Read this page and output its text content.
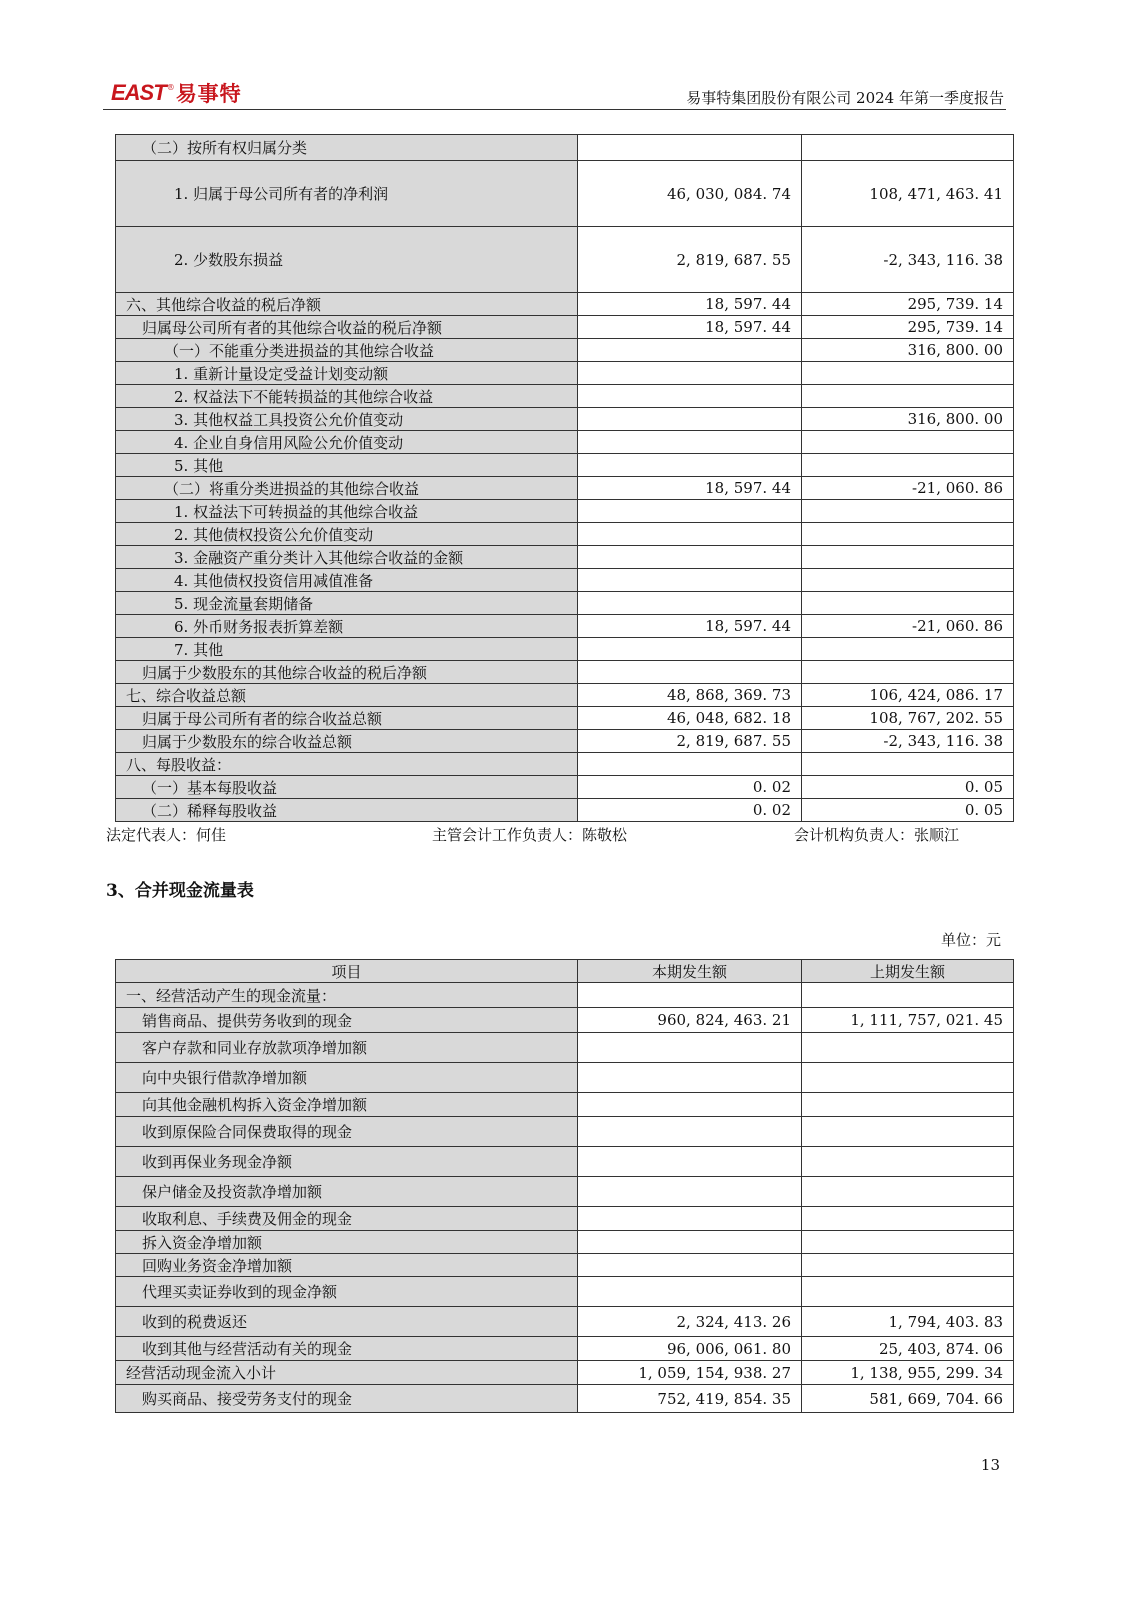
EAST ® 易事特	易事特集团股份有限公司 2024 年第一季度报告
（二）按所有权归属分类		
1. 归属于母公司所有者的净利润	46, 030, 084. 74	108, 471, 463. 41
2. 少数股东损益	2, 819, 687. 55	-2, 343, 116. 38
六、其他综合收益的税后净额	18, 597. 44	295, 739. 14
归属母公司所有者的其他综合收益的税后净额	18, 597. 44	295, 739. 14
（一）不能重分类进损益的其他综合收益		316, 800. 00
1. 重新计量设定受益计划变动额		
2. 权益法下不能转损益的其他综合收益		
3. 其他权益工具投资公允价值变动		316, 800. 00
4. 企业自身信用风险公允价值变动		
5. 其他		
（二）将重分类进损益的其他综合收益	18, 597. 44	-21, 060. 86
1. 权益法下可转损益的其他综合收益		
2. 其他债权投资公允价值变动		
3. 金融资产重分类计入其他综合收益的金额		
4. 其他债权投资信用减值准备		
5. 现金流量套期储备		
6. 外币财务报表折算差额	18, 597. 44	-21, 060. 86
7. 其他		
归属于少数股东的其他综合收益的税后净额		
七、综合收益总额	48, 868, 369. 73	106, 424, 086. 17
归属于母公司所有者的综合收益总额	46, 048, 682. 18	108, 767, 202. 55
归属于少数股东的综合收益总额	2, 819, 687. 55	-2, 343, 116. 38
八、每股收益：		
（一）基本每股收益	0. 02	0. 05
（二）稀释每股收益	0. 02	0. 05
法定代表人：何佳	主管会计工作负责人：陈敬松	会计机构负责人：张顺江
3、合并现金流量表
单位：元
项目	本期发生额	上期发生额
一、经营活动产生的现金流量：		
销售商品、提供劳务收到的现金	960, 824, 463. 21	1, 111, 757, 021. 45
客户存款和同业存放款项净增加额		
向中央银行借款净增加额		
向其他金融机构拆入资金净增加额		
收到原保险合同保费取得的现金		
收到再保业务现金净额		
保户储金及投资款净增加额		
收取利息、手续费及佣金的现金		
拆入资金净增加额		
回购业务资金净增加额		
代理买卖证券收到的现金净额		
收到的税费返还	2, 324, 413. 26	1, 794, 403. 83
收到其他与经营活动有关的现金	96, 006, 061. 80	25, 403, 874. 06
经营活动现金流入小计	1, 059, 154, 938. 27	1, 138, 955, 299. 34
购买商品、接受劳务支付的现金	752, 419, 854. 35	581, 669, 704. 66
13
